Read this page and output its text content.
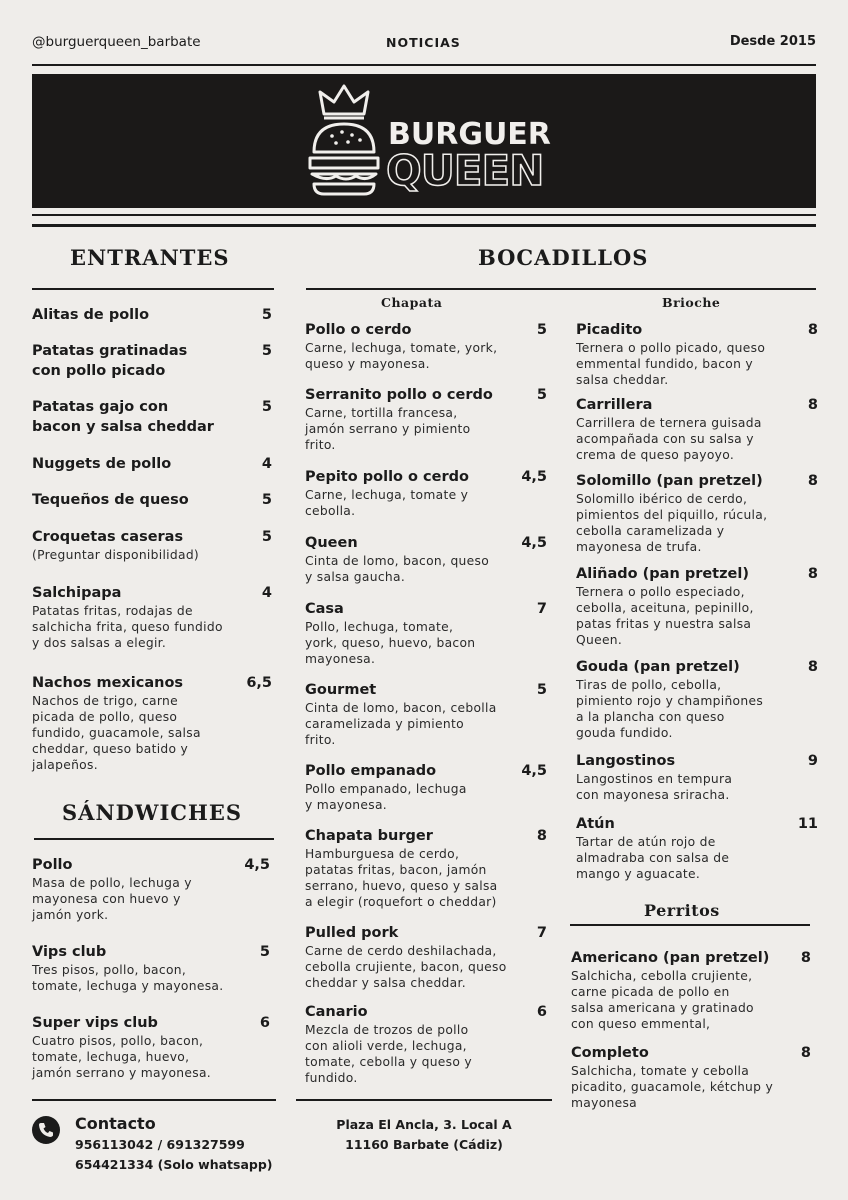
@burguerqueen_barbate	NOTICIAS	Desde 2015
BURGUER
QUEEN
ENTRANTES
Alitas de pollo	5
Patatas gratinadas
con pollo picado
5
Patatas gajo con
bacon y salsa cheddar
5
Nuggets de pollo	4
Tequeños de queso	5
Croquetas caseras	5
(Preguntar disponibilidad)
Salchipapa	4
Patatas fritas, rodajas de
salchicha frita, queso fundido
y dos salsas a elegir.
Nachos mexicanos	6,5
Nachos de trigo, carne
picada de pollo, queso
fundido, guacamole, salsa
cheddar, queso batido y
jalapeños.
SÁNDWICHES
Pollo	4,5
Masa de pollo, lechuga y
mayonesa con huevo y
jamón york.
Vips club	5
Tres pisos, pollo, bacon,
tomate, lechuga y mayonesa.
Super vips club	6
Cuatro pisos, pollo, bacon,
tomate, lechuga, huevo,
jamón serrano y mayonesa.
BOCADILLOS
Chapata	Brioche
Pollo o cerdo	5
Carne, lechuga, tomate, york,
queso y mayonesa.
Serranito pollo o cerdo	5
Carne, tortilla francesa,
jamón serrano y pimiento
frito.
Pepito pollo o cerdo	4,5
Carne, lechuga, tomate y
cebolla.
Queen	4,5
Cinta de lomo, bacon, queso
y salsa gaucha.
Casa	7
Pollo, lechuga, tomate,
york, queso, huevo, bacon
mayonesa.
Gourmet	5
Cinta de lomo, bacon, cebolla
caramelizada y pimiento
frito.
Pollo empanado	4,5
Pollo empanado, lechuga
y mayonesa.
Chapata burger	8
Hamburguesa de cerdo,
patatas fritas, bacon, jamón
serrano, huevo, queso y salsa
a elegir (roquefort o cheddar)
Pulled pork	7
Carne de cerdo deshilachada,
cebolla crujiente, bacon, queso
cheddar y salsa cheddar.
Canario	6
Mezcla de trozos de pollo
con alioli verde, lechuga,
tomate, cebolla y queso y
fundido.
Picadito	8
Ternera o pollo picado, queso
emmental fundido, bacon y
salsa cheddar.
Carrillera	8
Carrillera de ternera guisada
acompañada con su salsa y
crema de queso payoyo.
Solomillo (pan pretzel)	8
Solomillo ibérico de cerdo,
pimientos del piquillo, rúcula,
cebolla caramelizada y
mayonesa de trufa.
Aliñado (pan pretzel)	8
Ternera o pollo especiado,
cebolla, aceituna, pepinillo,
patas fritas y nuestra salsa
Queen.
Gouda (pan pretzel)	8
Tiras de pollo, cebolla,
pimiento rojo y champiñones
a la plancha con queso
gouda fundido.
Langostinos	9
Langostinos en tempura
con mayonesa sriracha.
Atún	11
Tartar de atún rojo de
almadraba con salsa de
mango y aguacate.
Perritos
Americano (pan pretzel)	8
Salchicha, cebolla crujiente,
carne picada de pollo en
salsa americana y gratinado
con queso emmental,
Completo	8
Salchicha, tomate y cebolla
picadito, guacamole, kétchup y
mayonesa
Contacto
956113042 / 691327599
654421334 (Solo whatsapp)
Plaza El Ancla, 3. Local A
11160 Barbate (Cádiz)
